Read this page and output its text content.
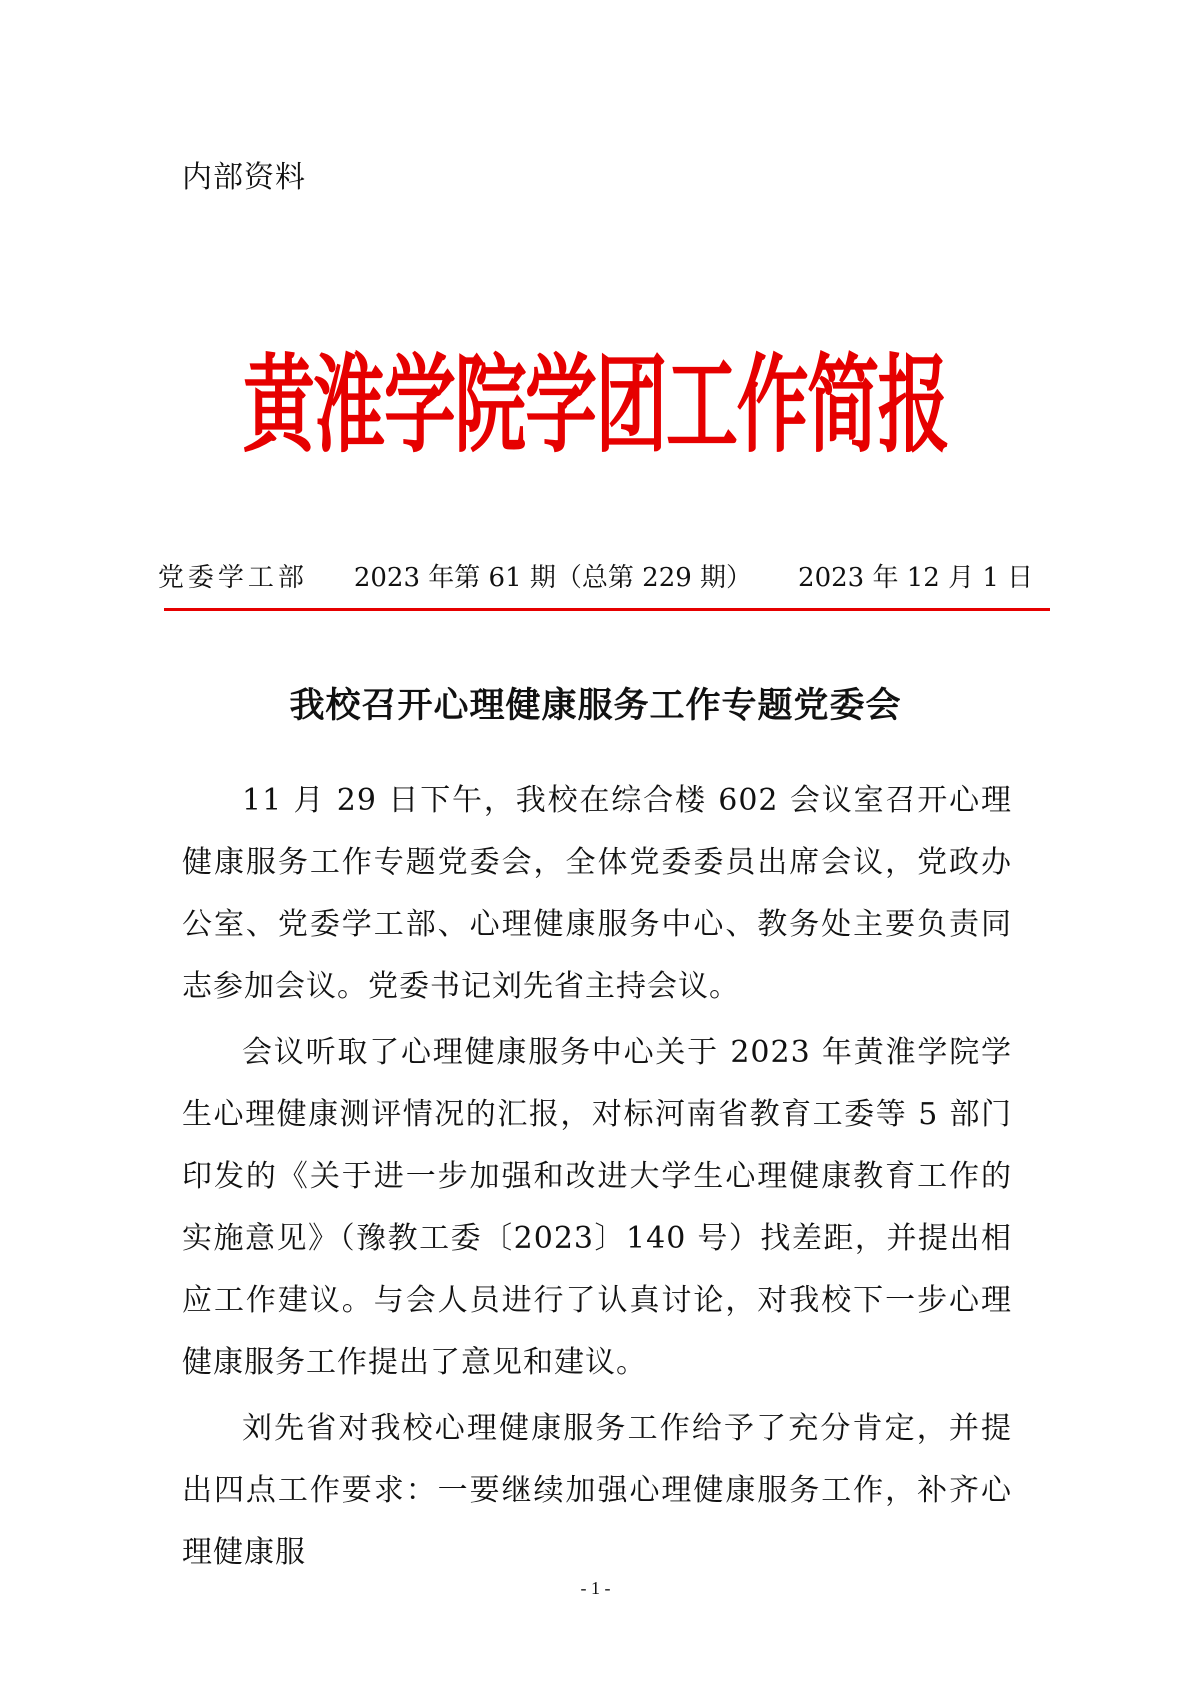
内部资料
黄淮学院学团工作简报
党委学工部 2023 年第 61 期（总第 229 期） 2023 年 12 月 1 日
我校召开心理健康服务工作专题党委会

11 月 29 日下午，我校在综合楼 602 会议室召开心理健康服务工作专题党委会，全体党委委员出席会议，党政办公室、党委学工部、心理健康服务中心、教务处主要负责同志参加会议。党委书记刘先省主持会议。

会议听取了心理健康服务中心关于 2023 年黄淮学院学生心理健康测评情况的汇报，对标河南省教育工委等 5 部门印发的《关于进一步加强和改进大学生心理健康教育工作的实施意见》（豫教工委〔2023〕140 号）找差距，并提出相应工作建议。与会人员进行了认真讨论，对我校下一步心理健康服务工作提出了意见和建议。

刘先省对我校心理健康服务工作给予了充分肯定，并提出四点工作要求：一要继续加强心理健康服务工作，补齐心理健康服

- 1 -
